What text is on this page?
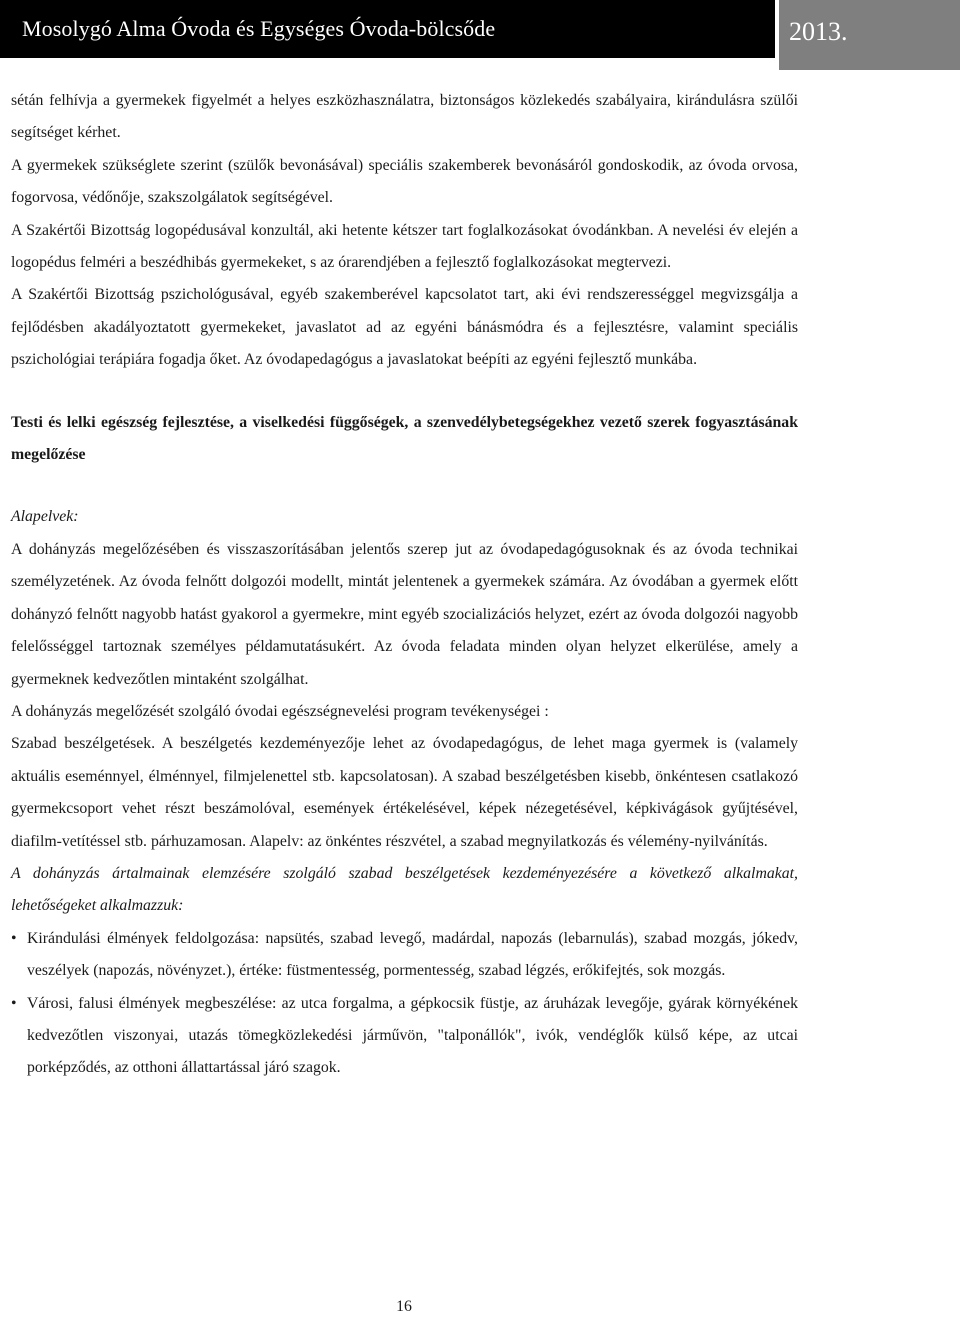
Mosolygó Alma Óvoda és Egységes Óvoda-bölcsőde	2013.

sétán felhívja a gyermekek figyelmét a helyes eszközhasználatra, biztonságos közlekedés szabályaira, kirándulásra szülői segítséget kérhet.

A gyermekek szükséglete szerint (szülők bevonásával) speciális szakemberek bevonásáról gondoskodik, az óvoda orvosa, fogorvosa, védőnője, szakszolgálatok segítségével.

A Szakértői Bizottság logopédusával konzultál, aki hetente kétszer tart foglalkozásokat óvodánkban. A nevelési év elején a logopédus felméri a beszédhibás gyermekeket, s az órarendjében a fejlesztő foglalkozásokat megtervezi.

A Szakértői Bizottság pszichológusával, egyéb szakemberével kapcsolatot tart, aki évi rendszerességgel megvizsgálja a fejlődésben akadályoztatott gyermekeket, javaslatot ad az egyéni bánásmódra és a fejlesztésre, valamint speciális pszichológiai terápiára fogadja őket. Az óvodapedagógus a javaslatokat beépíti az egyéni fejlesztő munkába.

Testi és lelki egészség fejlesztése, a viselkedési függőségek, a szenvedélybetegségekhez vezető szerek fogyasztásának megelőzése

Alapelvek:

A dohányzás megelőzésében és visszaszorításában jelentős szerep jut az óvodapedagógusoknak és az óvoda technikai személyzetének. Az óvoda felnőtt dolgozói modellt, mintát jelentenek a gyermekek számára. Az óvodában a gyermek előtt dohányzó felnőtt nagyobb hatást gyakorol a gyermekre, mint egyéb szocializációs helyzet, ezért az óvoda dolgozói nagyobb felelősséggel tartoznak személyes példamutatásukért. Az óvoda feladata minden olyan helyzet elkerülése, amely a gyermeknek kedvezőtlen mintaként szolgálhat.

A dohányzás megelőzését szolgáló óvodai egészségnevelési program tevékenységei :

Szabad beszélgetések. A beszélgetés kezdeményezője lehet az óvodapedagógus, de lehet maga gyermek is (valamely aktuális eseménnyel, élménnyel, filmjelenettel stb. kapcsolatosan). A szabad beszélgetésben kisebb, önkéntesen csatlakozó gyermekcsoport vehet részt beszámolóval, események értékelésével, képek nézegetésével, képkivágások gyűjtésével, diafilm-vetítéssel stb. párhuzamosan. Alapelv: az önkéntes részvétel, a szabad megnyilatkozás és vélemény-nyilvánítás.

A dohányzás ártalmainak elemzésére szolgáló szabad beszélgetések kezdeményezésére a következő alkalmakat, lehetőségeket alkalmazzuk:

• Kirándulási élmények feldolgozása: napsütés, szabad levegő, madárdal, napozás (lebarnulás), szabad mozgás, jókedv, veszélyek (napozás, növényzet.), értéke: füstmentesség, pormentesség, szabad légzés, erőkifejtés, sok mozgás.

• Városi, falusi élmények megbeszélése: az utca forgalma, a gépkocsik füstje, az áruházak levegője, gyárak környékének kedvezőtlen viszonyai, utazás tömegközlekedési járművön, "talponállók", ivók, vendéglők külső képe, az utcai porképződés, az otthoni állattartással járó szagok.

16
